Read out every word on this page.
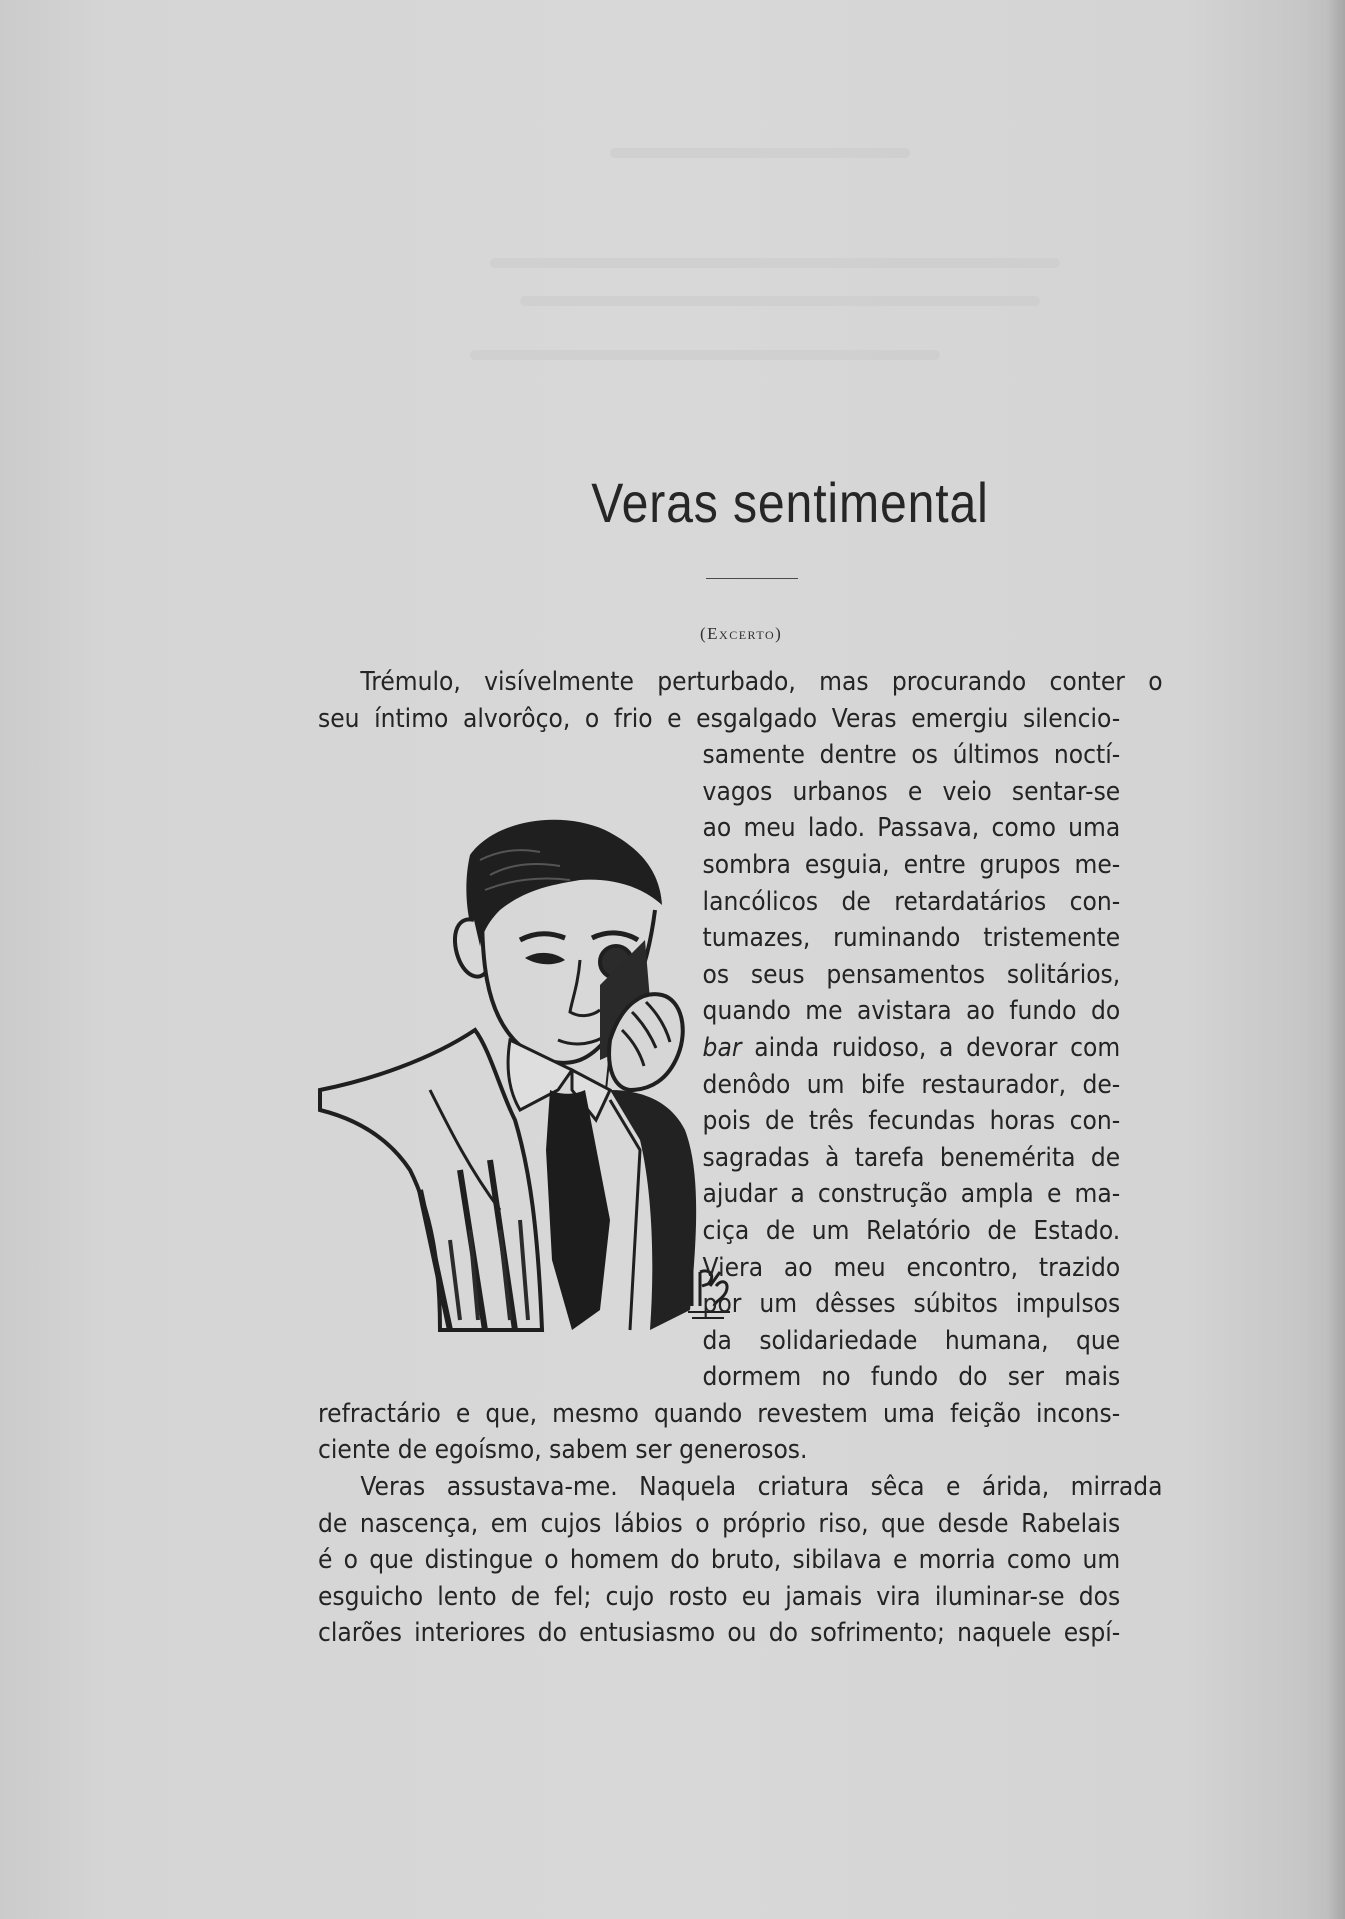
Veras sentimental
(Excerto)
Trémulo, visívelmente perturbado, mas procurando conter o
seu íntimo alvorôço, o frio e esgalgado Veras emergiu silencio-
samente dentre os últimos noctí-
vagos urbanos e veio sentar-se
ao meu lado. Passava, como uma
sombra esguia, entre grupos me-
lancólicos de retardatários con-
tumazes, ruminando tristemente
os seus pensamentos solitários,
quando me avistara ao fundo do
bar ainda ruidoso, a devorar com
denôdo um bife restaurador, de-
pois de três fecundas horas con-
sagradas à tarefa benemérita de
ajudar a construção ampla e ma-
ciça de um Relatório de Estado.
Viera ao meu encontro, trazido
por um dêsses súbitos impulsos
da solidariedade humana, que
dormem no fundo do ser mais
refractário e que, mesmo quando revestem uma feição incons-
ciente de egoísmo, sabem ser generosos.
Veras assustava-me. Naquela criatura sêca e árida, mirrada
de nascença, em cujos lábios o próprio riso, que desde Rabelais
é o que distingue o homem do bruto, sibilava e morria como um
esguicho lento de fel; cujo rosto eu jamais vira iluminar-se dos
clarões interiores do entusiasmo ou do sofrimento; naquele espí-
